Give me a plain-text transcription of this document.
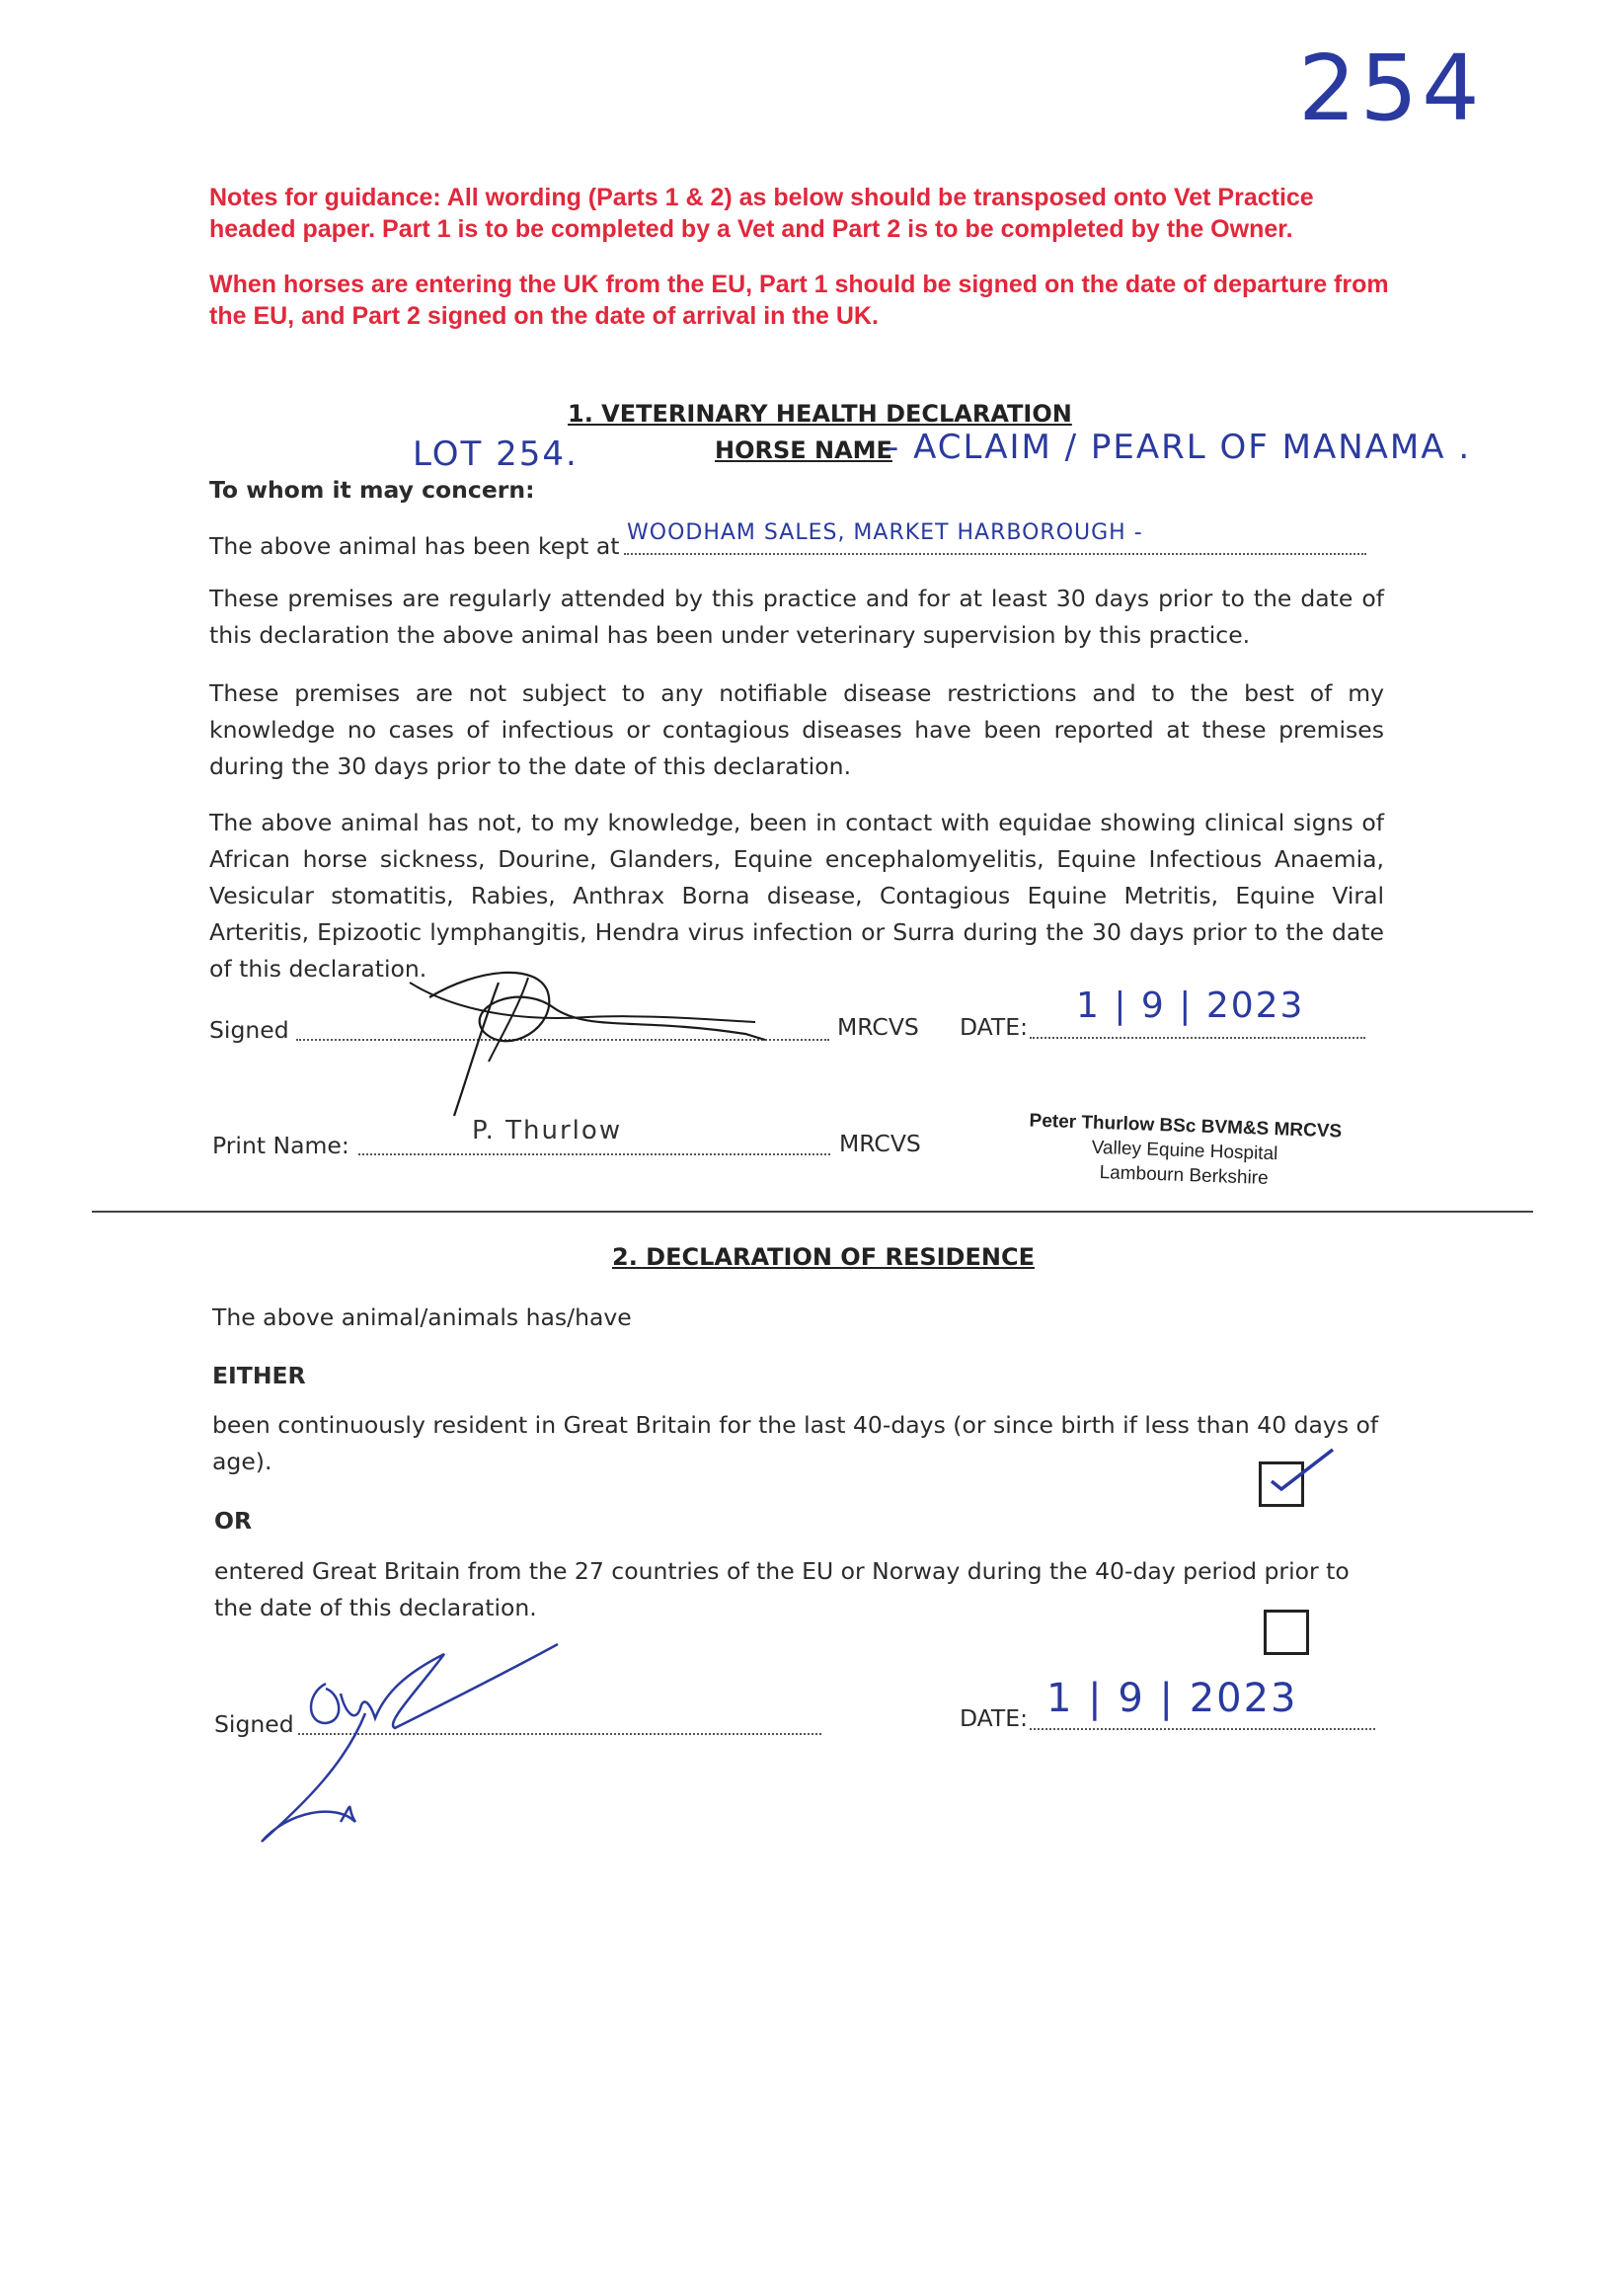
254
Notes for guidance: All wording (Parts 1 & 2) as below should be transposed onto Vet Practice headed paper. Part 1 is to be completed by a Vet and Part 2 is to be completed by the Owner.
When horses are entering the UK from the EU, Part 1 should be signed on the date of departure from the EU, and Part 2 signed on the date of arrival in the UK.
1. VETERINARY HEALTH DECLARATION
LOT 254.	HORSE NAME
- ACLAIM / PEARL OF MANAMA .
To whom it may concern:
The above animal has been kept at WOODHAM SALES, MARKET HARBOROUGH -
These premises are regularly attended by this practice and for at least 30 days prior to the date of this declaration the above animal has been under veterinary supervision by this practice.
These premises are not subject to any notifiable disease restrictions and to the best of my knowledge no cases of infectious or contagious diseases have been reported at these premises during the 30 days prior to the date of this declaration.
The above animal has not, to my knowledge, been in contact with equidae showing clinical signs of African horse sickness, Dourine, Glanders, Equine encephalomyelitis, Equine Infectious Anaemia, Vesicular stomatitis, Rabies, Anthrax Borna disease, Contagious Equine Metritis, Equine Viral Arteritis, Epizootic lymphangitis, Hendra virus infection or Surra during the 30 days prior to the date of this declaration.
Signed	MRCVS DATE:
1 | 9 | 2023
Print Name:	P. Thurlow	MRCVS
Peter Thurlow BSc BVM&S MRCVS
Valley Equine Hospital
Lambourn Berkshire
2. DECLARATION OF RESIDENCE
The above animal/animals has/have
EITHER
been continuously resident in Great Britain for the last 40-days (or since birth if less than 40 days of age).
OR
entered Great Britain from the 27 countries of the EU or Norway during the 40-day period prior to the date of this declaration.
Signed	DATE: 1 | 9 | 2023
